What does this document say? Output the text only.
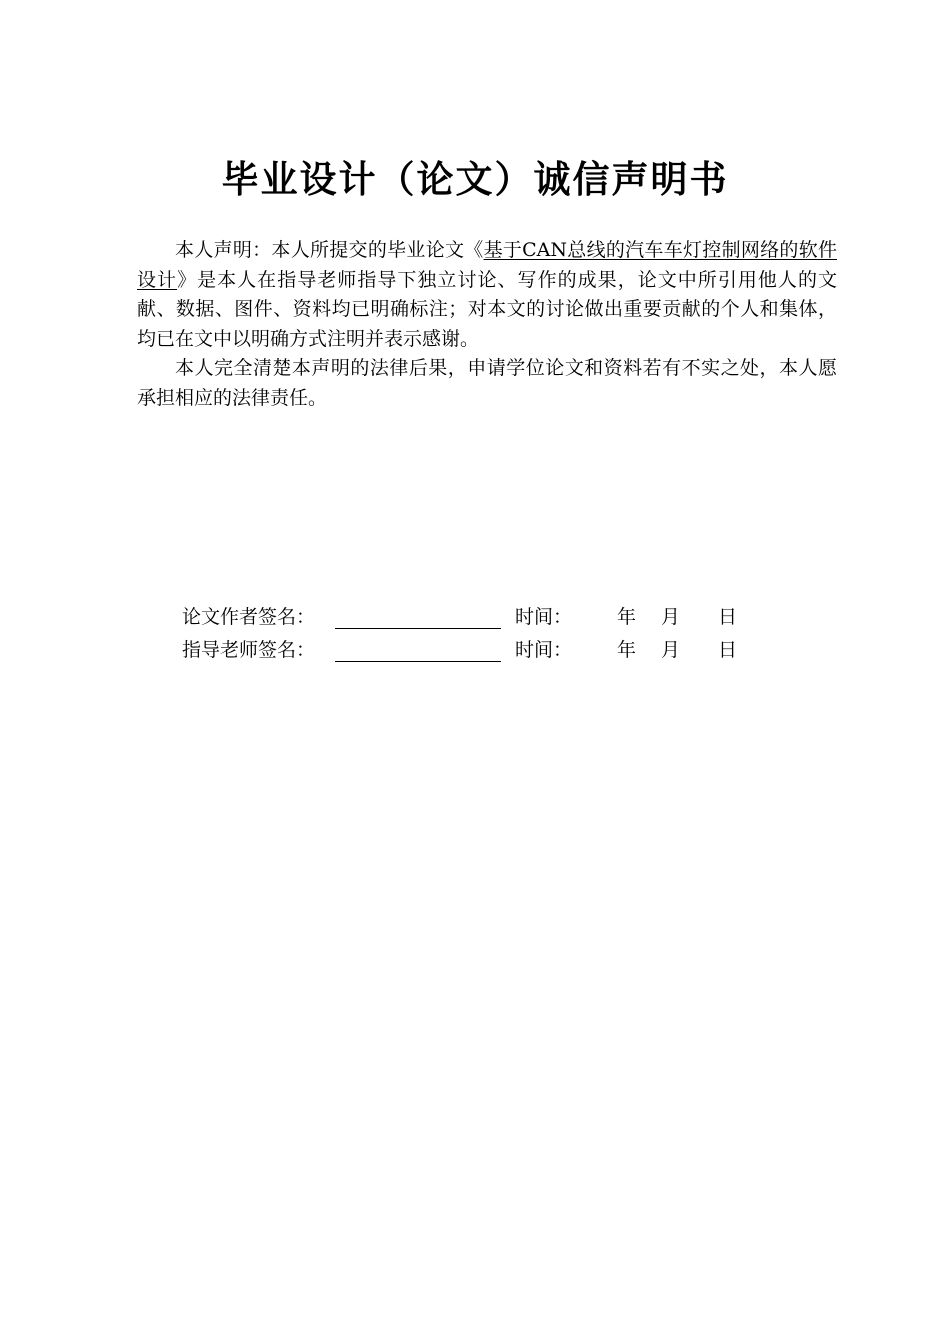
毕业设计（论文）诚信声明书

本人声明：本人所提交的毕业论文《基于CAN总线的汽车车灯控制网络的软件设计》是本人在指导老师指导下独立讨论、写作的成果，论文中所引用他人的文献、数据、图件、资料均已明确标注；对本文的讨论做出重要贡献的个人和集体，均已在文中以明确方式注明并表示感谢。

本人完全清楚本声明的法律后果，申请学位论文和资料若有不实之处，本人愿承担相应的法律责任。

论文作者签名：	时间：	年	月	日
指导老师签名：	时间：	年	月	日
